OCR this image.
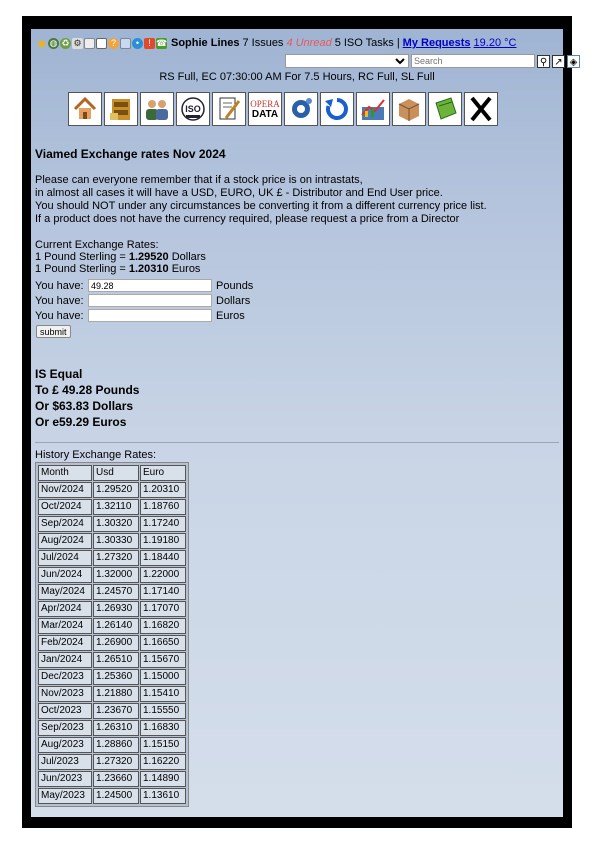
★ ◍ ♻ ⚙	?	•	! ☎ Sophie Lines 7 Issues 4 Unread 5 ISO Tasks | My Requests 19.20 °C
Search
⚲ ↗ ◈
RS Full, EC 07:30:00 AM For 7.5 Hours, RC Full, SL Full
ISO
OPERA
DATA
Viamed Exchange rates Nov 2024
Please can everyone remember that if a stock price is on intrastats,
in almost all cases it will have a USD, EURO, UK £ - Distributor and End User price.
You should NOT under any circumstances be converting it from a different currency price list.
If a product does not have the currency required, please request a price from a Director
Current Exchange Rates:
1 Pound Sterling = 1.29520 Dollars
1 Pound Sterling = 1.20310 Euros
You have:
49.28	Pounds
You have:	Dollars
You have:	Euros
submit
IS Equal
To £ 49.28 Pounds
Or $63.83 Dollars
Or e59.29 Euros
History Exchange Rates:
Month	Usd	Euro
Nov/2024	1.29520	1.20310
Oct/2024	1.32110	1.18760
Sep/2024	1.30320	1.17240
Aug/2024	1.30330	1.19180
Jul/2024	1.27320	1.18440
Jun/2024	1.32000	1.22000
May/2024	1.24570	1.17140
Apr/2024	1.26930	1.17070
Mar/2024	1.26140	1.16820
Feb/2024	1.26900	1.16650
Jan/2024	1.26510	1.15670
Dec/2023	1.25360	1.15000
Nov/2023	1.21880	1.15410
Oct/2023	1.23670	1.15550
Sep/2023	1.26310	1.16830
Aug/2023	1.28860	1.15150
Jul/2023	1.27320	1.16220
Jun/2023	1.23660	1.14890
May/2023	1.24500	1.13610
